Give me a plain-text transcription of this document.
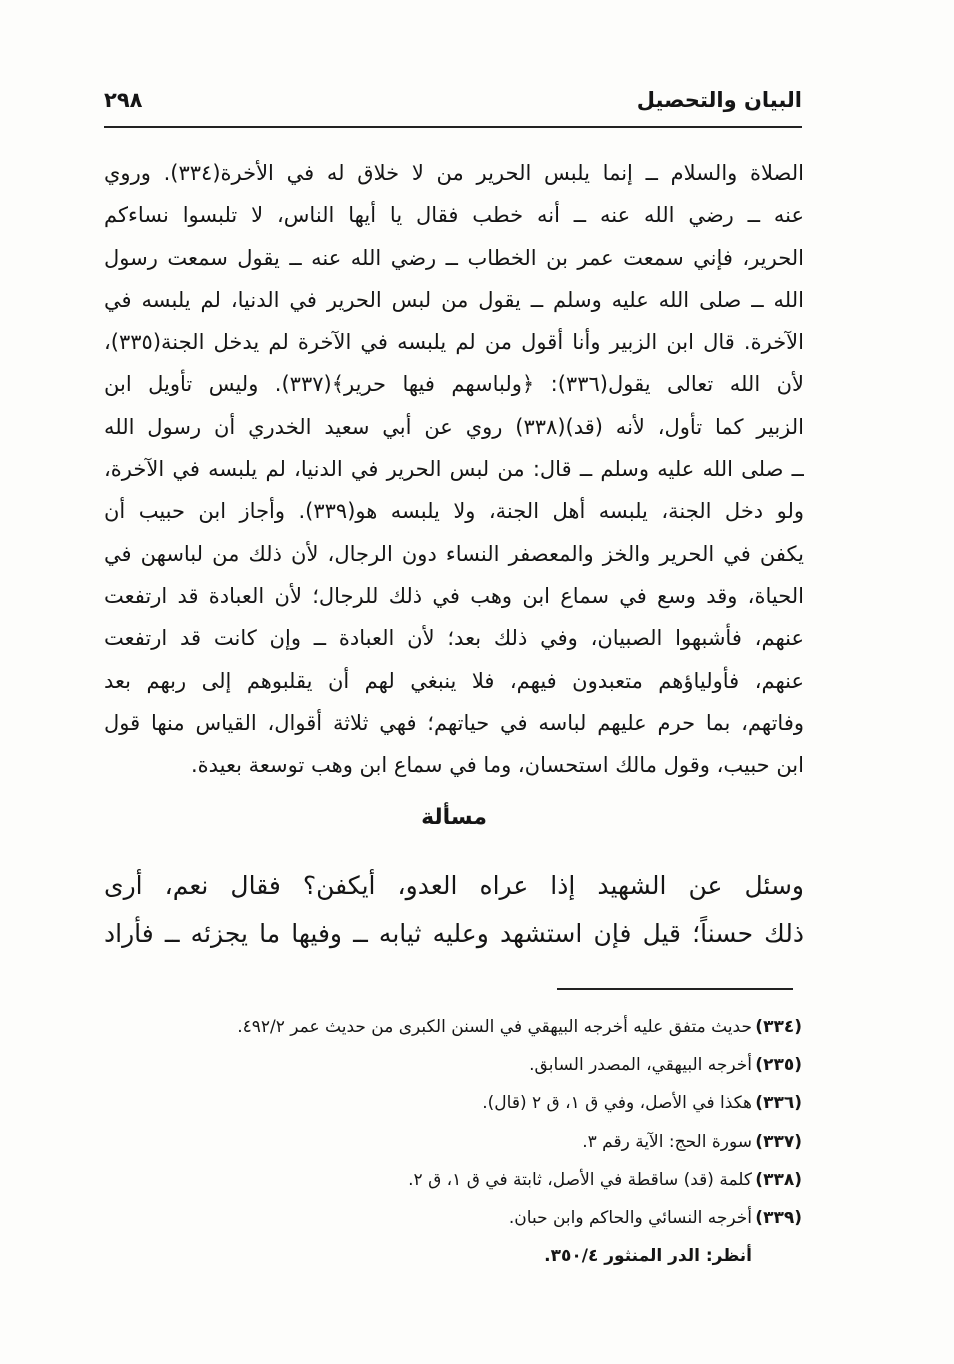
البيان والتحصيل
٢٩٨
الصلاة والسلام ــ إنما يلبس الحرير من لا خلاق له في الأخرة(٣٣٤). وروي
عنه ــ رضي الله عنه ــ أنه خطب فقال يا أيها الناس، لا تلبسوا نساءكم
الحرير، فإني سمعت عمر بن الخطاب ــ رضي الله عنه ــ يقول سمعت رسول
الله ــ صلى الله عليه وسلم ــ يقول من لبس الحرير في الدنيا، لم يلبسه في
الآخرة. قال ابن الزبير وأنا أقول من لم يلبسه في الآخرة لم يدخل الجنة(٣٣٥)،
لأن الله تعالى يقول(٣٣٦): ﴿ولباسهم فيها حرير﴾(٣٣٧). وليس تأويل ابن
الزبير كما تأول، لأنه (قد)(٣٣٨) روي عن أبي سعيد الخدري أن رسول الله
ــ صلى الله عليه وسلم ــ قال: من لبس الحرير في الدنيا، لم يلبسه في الآخرة،
ولو دخل الجنة، يلبسه أهل الجنة، ولا يلبسه هو(٣٣٩). وأجاز ابن حبيب أن
يكفن في الحرير والخز والمعصفر النساء دون الرجال، لأن ذلك من لباسهن في
الحياة، وقد وسع في سماع ابن وهب في ذلك للرجال؛ لأن العبادة قد ارتفعت
عنهم، فأشبهوا الصبيان، وفي ذلك بعد؛ لأن العبادة ــ وإن كانت قد ارتفعت
عنهم، فأولياؤهم متعبدون فيهم، فلا ينبغي لهم أن يقلبوهم إلى ربهم بعد
وفاتهم، بما حرم عليهم لباسه في حياتهم؛ فهي ثلاثة أقوال، القياس منها قول
ابن حبيب، وقول مالك استحسان، وما في سماع ابن وهب توسعة بعيدة.
مسألة
وسئل عن الشهيد إذا عراه العدو، أيكفن؟ فقال نعم، أرى
ذلك حسناً؛ قيل فإن استشهد وعليه ثيابه ــ وفيها ما يجزئه ــ فأراد
(٣٣٤)حديث متفق عليه أخرجه البيهقي في السنن الكبرى من حديث عمر ٤٩٢/٢.
(٢٣٥)أخرجه البيهقي، المصدر السابق.
(٣٣٦)هكذا في الأصل، وفي ق ١، ق ٢ (قال).
(٣٣٧)سورة الحج: الآية رقم ٣.
(٣٣٨)كلمة (قد) ساقطة في الأصل، ثابتة في ق ١، ق ٢.
(٣٣٩)أخرجه النسائي والحاكم وابن حبان.
أنظر: الدر المنثور ٣٥٠/٤.
